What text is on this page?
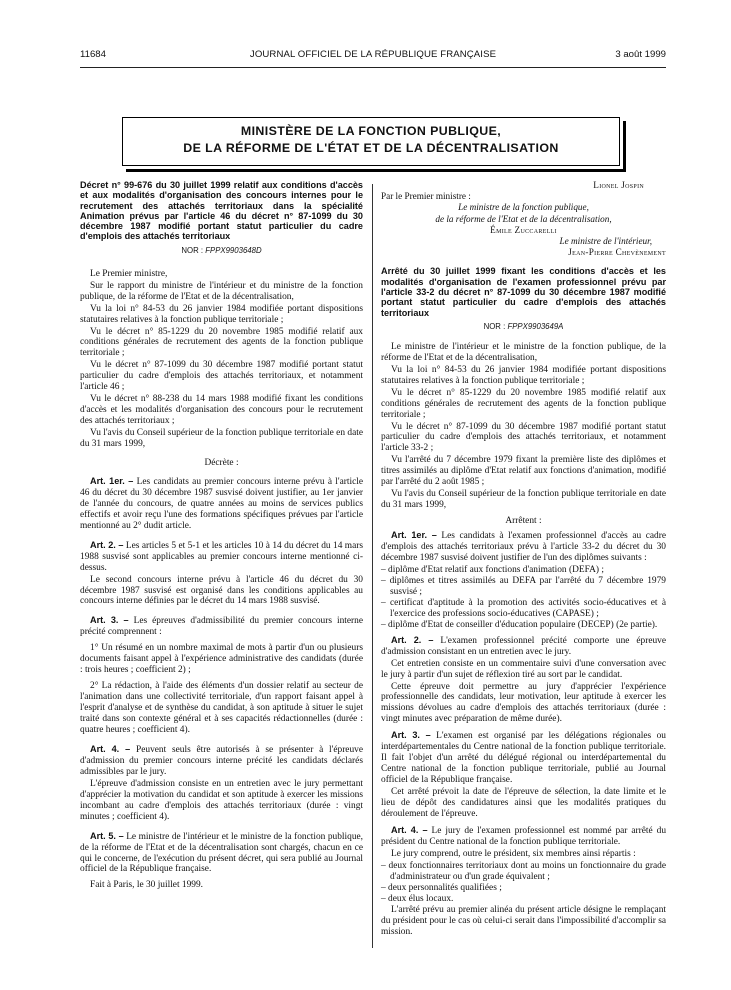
11684	JOURNAL OFFICIEL DE LA RÉPUBLIQUE FRANÇAISE	3 août 1999
MINISTÈRE DE LA FONCTION PUBLIQUE,
DE LA RÉFORME DE L'ÉTAT ET DE LA DÉCENTRALISATION
Décret n° 99-676 du 30 juillet 1999 relatif aux conditions d'accès et aux modalités d'organisation des concours internes pour le recrutement des attachés territoriaux dans la spécialité Animation prévus par l'article 46 du décret n° 87-1099 du 30 décembre 1987 modifié portant statut particulier du cadre d'emplois des attachés territoriaux
NOR : FPPX9903648D

Le Premier ministre,

Sur le rapport du ministre de l'intérieur et du ministre de la fonction publique, de la réforme de l'Etat et de la décentralisation,

Vu la loi n° 84-53 du 26 janvier 1984 modifiée portant dispositions statutaires relatives à la fonction publique territoriale ;

Vu le décret n° 85-1229 du 20 novembre 1985 modifié relatif aux conditions générales de recrutement des agents de la fonction publique territoriale ;

Vu le décret n° 87-1099 du 30 décembre 1987 modifié portant statut particulier du cadre d'emplois des attachés territoriaux, et notamment l'article 46 ;

Vu le décret n° 88-238 du 14 mars 1988 modifié fixant les conditions d'accès et les modalités d'organisation des concours pour le recrutement des attachés territoriaux ;

Vu l'avis du Conseil supérieur de la fonction publique territoriale en date du 31 mars 1999,

Décrète :

Art. 1er. – Les candidats au premier concours interne prévu à l'article 46 du décret du 30 décembre 1987 susvisé doivent justifier, au 1er janvier de l'année du concours, de quatre années au moins de services publics effectifs et avoir reçu l'une des formations spécifiques prévues par l'article mentionné au 2° dudit article.

Art. 2. – Les articles 5 et 5-1 et les articles 10 à 14 du décret du 14 mars 1988 susvisé sont applicables au premier concours interne mentionné ci-dessus.

Le second concours interne prévu à l'article 46 du décret du 30 décembre 1987 susvisé est organisé dans les conditions applicables au concours interne définies par le décret du 14 mars 1988 susvisé.

Art. 3. – Les épreuves d'admissibilité du premier concours interne précité comprennent :

1° Un résumé en un nombre maximal de mots à partir d'un ou plusieurs documents faisant appel à l'expérience administrative des candidats (durée : trois heures ; coefficient 2) ;

2° La rédaction, à l'aide des éléments d'un dossier relatif au secteur de l'animation dans une collectivité territoriale, d'un rapport faisant appel à l'esprit d'analyse et de synthèse du candidat, à son aptitude à situer le sujet traité dans son contexte général et à ses capacités rédactionnelles (durée : quatre heures ; coefficient 4).

Art. 4. – Peuvent seuls être autorisés à se présenter à l'épreuve d'admission du premier concours interne précité les candidats déclarés admissibles par le jury.

L'épreuve d'admission consiste en un entretien avec le jury permettant d'apprécier la motivation du candidat et son aptitude à exercer les missions incombant au cadre d'emplois des attachés territoriaux (durée : vingt minutes ; coefficient 4).

Art. 5. – Le ministre de l'intérieur et le ministre de la fonction publique, de la réforme de l'Etat et de la décentralisation sont chargés, chacun en ce qui le concerne, de l'exécution du présent décret, qui sera publié au Journal officiel de la République française.

Fait à Paris, le 30 juillet 1999.

Lionel Jospin
Par le Premier ministre :
Le ministre de la fonction publique,
de la réforme de l'Etat et de la décentralisation,
Émile Zuccarelli
Le ministre de l'intérieur,
Jean-Pierre Chevènement
Arrêté du 30 juillet 1999 fixant les conditions d'accès et les modalités d'organisation de l'examen professionnel prévu par l'article 33-2 du décret n° 87-1099 du 30 décembre 1987 modifié portant statut particulier du cadre d'emplois des attachés territoriaux
NOR : FPPX9903649A

Le ministre de l'intérieur et le ministre de la fonction publique, de la réforme de l'Etat et de la décentralisation,

Vu la loi n° 84-53 du 26 janvier 1984 modifiée portant dispositions statutaires relatives à la fonction publique territoriale ;

Vu le décret n° 85-1229 du 20 novembre 1985 modifié relatif aux conditions générales de recrutement des agents de la fonction publique territoriale ;

Vu le décret n° 87-1099 du 30 décembre 1987 modifié portant statut particulier du cadre d'emplois des attachés territoriaux, et notamment l'article 33-2 ;

Vu l'arrêté du 7 décembre 1979 fixant la première liste des diplômes et titres assimilés au diplôme d'Etat relatif aux fonctions d'animation, modifié par l'arrêté du 2 août 1985 ;

Vu l'avis du Conseil supérieur de la fonction publique territoriale en date du 31 mars 1999,

Arrêtent :

Art. 1er. – Les candidats à l'examen professionnel d'accès au cadre d'emplois des attachés territoriaux prévu à l'article 33-2 du décret du 30 décembre 1987 susvisé doivent justifier de l'un des diplômes suivants :

– diplôme d'Etat relatif aux fonctions d'animation (DEFA) ;
– diplômes et titres assimilés au DEFA par l'arrêté du 7 décembre 1979 susvisé ;
– certificat d'aptitude à la promotion des activités socio-éducatives et à l'exercice des professions socio-éducatives (CAPASE) ;
– diplôme d'Etat de conseiller d'éducation populaire (DECEP) (2e partie).

Art. 2. – L'examen professionnel précité comporte une épreuve d'admission consistant en un entretien avec le jury.

Cet entretien consiste en un commentaire suivi d'une conversation avec le jury à partir d'un sujet de réflexion tiré au sort par le candidat.

Cette épreuve doit permettre au jury d'apprécier l'expérience professionnelle des candidats, leur motivation, leur aptitude à exercer les missions dévolues au cadre d'emplois des attachés territoriaux (durée : vingt minutes avec préparation de même durée).

Art. 3. – L'examen est organisé par les délégations régionales ou interdépartementales du Centre national de la fonction publique territoriale. Il fait l'objet d'un arrêté du délégué régional ou interdépartemental du Centre national de la fonction publique territoriale, publié au Journal officiel de la République française.

Cet arrêté prévoit la date de l'épreuve de sélection, la date limite et le lieu de dépôt des candidatures ainsi que les modalités pratiques du déroulement de l'épreuve.

Art. 4. – Le jury de l'examen professionnel est nommé par arrêté du président du Centre national de la fonction publique territoriale.

Le jury comprend, outre le président, six membres ainsi répartis :

– deux fonctionnaires territoriaux dont au moins un fonctionnaire du grade d'administrateur ou d'un grade équivalent ;
– deux personnalités qualifiées ;
– deux élus locaux.

L'arrêté prévu au premier alinéa du présent article désigne le remplaçant du président pour le cas où celui-ci serait dans l'impossibilité d'accomplir sa mission.
